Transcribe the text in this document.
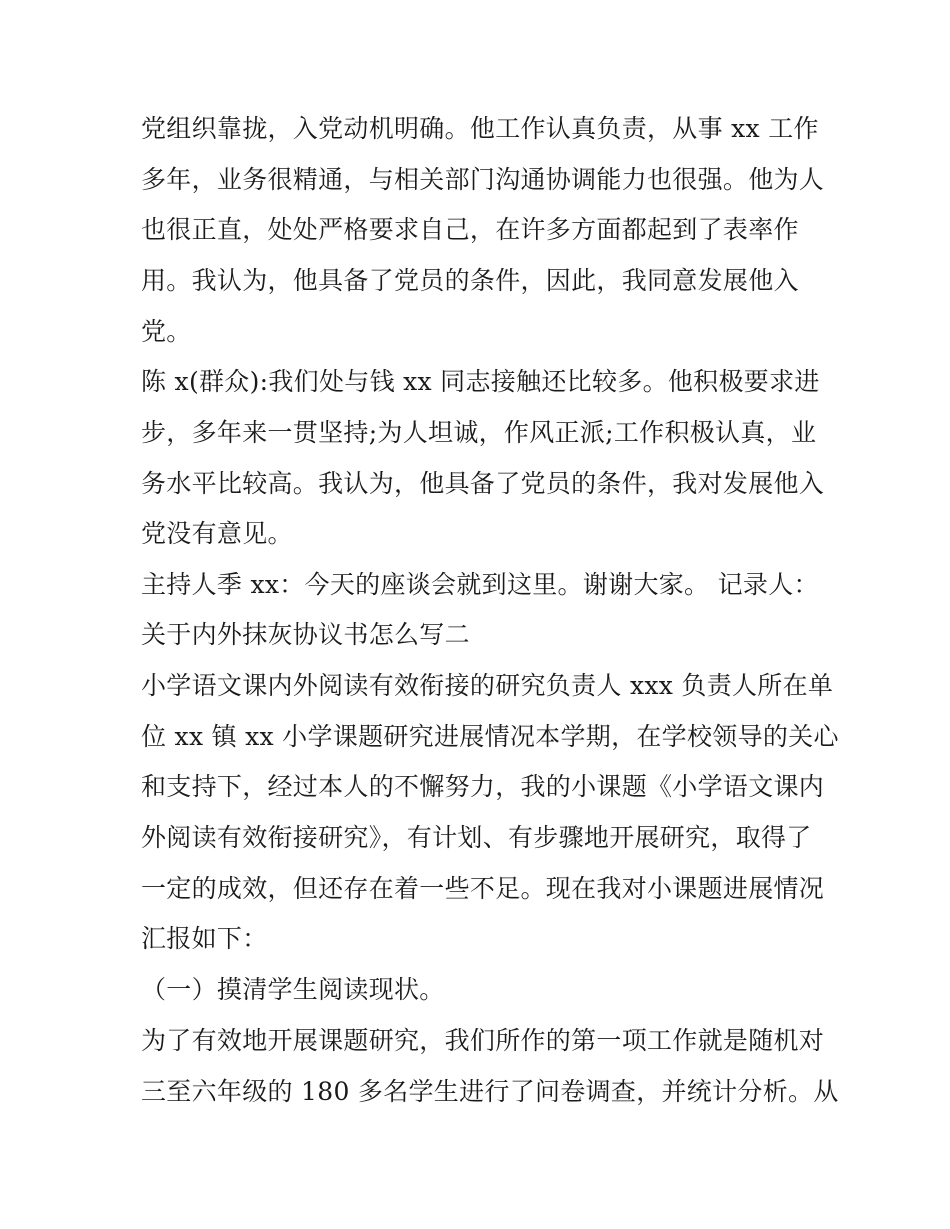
党组织靠拢，入党动机明确。他工作认真负责，从事 xx 工作
多年，业务很精通，与相关部门沟通协调能力也很强。他为人
也很正直，处处严格要求自己，在许多方面都起到了表率作
用。我认为，他具备了党员的条件，因此，我同意发展他入
党。
陈 x(群众):我们处与钱 xx 同志接触还比较多。他积极要求进
步，多年来一贯坚持;为人坦诚，作风正派;工作积极认真，业
务水平比较高。我认为，他具备了党员的条件，我对发展他入
党没有意见。
主持人季 xx：今天的座谈会就到这里。谢谢大家。 记录人：
关于内外抹灰协议书怎么写二
小学语文课内外阅读有效衔接的研究负责人 xxx 负责人所在单
位 xx 镇 xx 小学课题研究进展情况本学期，在学校领导的关心
和支持下，经过本人的不懈努力，我的小课题《小学语文课内
外阅读有效衔接研究》，有计划、有步骤地开展研究，取得了
一定的成效，但还存在着一些不足。现在我对小课题进展情况
汇报如下：
（一）摸清学生阅读现状。
为了有效地开展课题研究，我们所作的第一项工作就是随机对
三至六年级的 180 多名学生进行了问卷调查，并统计分析。从
